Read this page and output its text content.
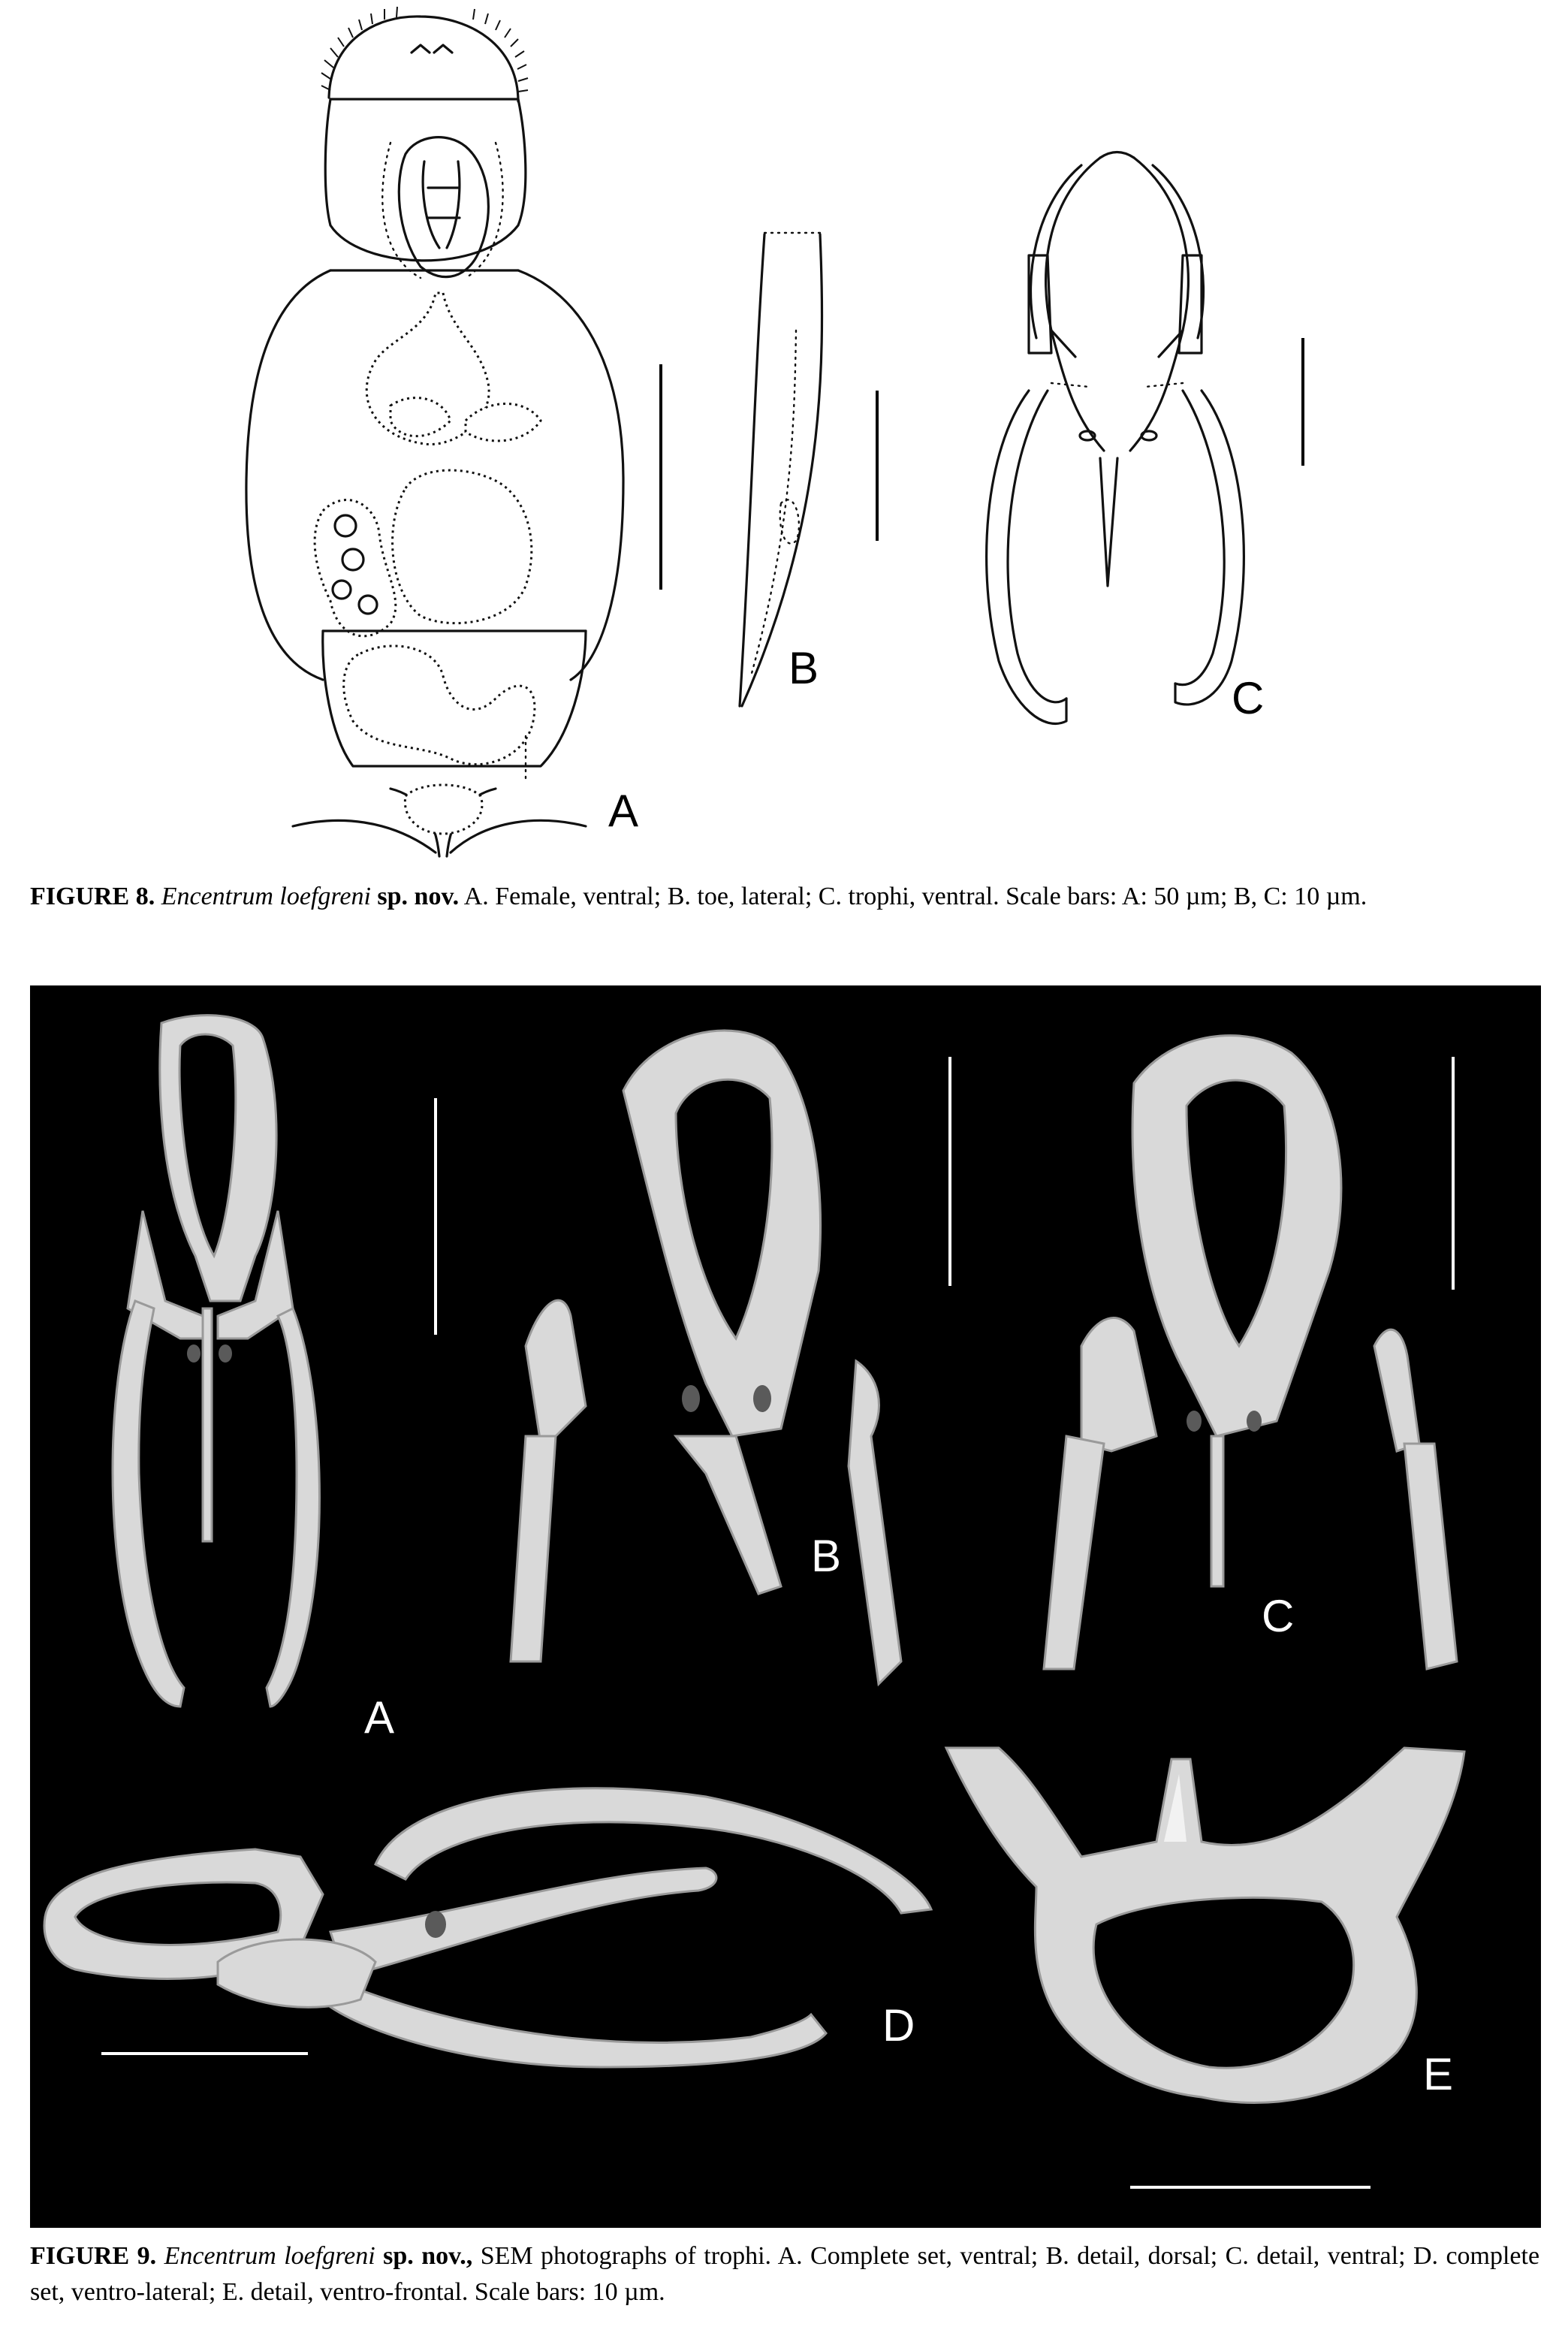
A
B
C
FIGURE 8. Encentrum loefgreni sp. nov. A. Female, ventral; B. toe, lateral; C. trophi, ventral. Scale bars: A: 50 µm; B, C: 10 µm.
A
B
C
D
E
FIGURE 9. Encentrum loefgreni sp. nov., SEM photographs of trophi. A. Complete set, ventral; B. detail, dorsal; C. detail, ventral; D. complete set, ventro-lateral; E. detail, ventro-frontal. Scale bars: 10 µm.
